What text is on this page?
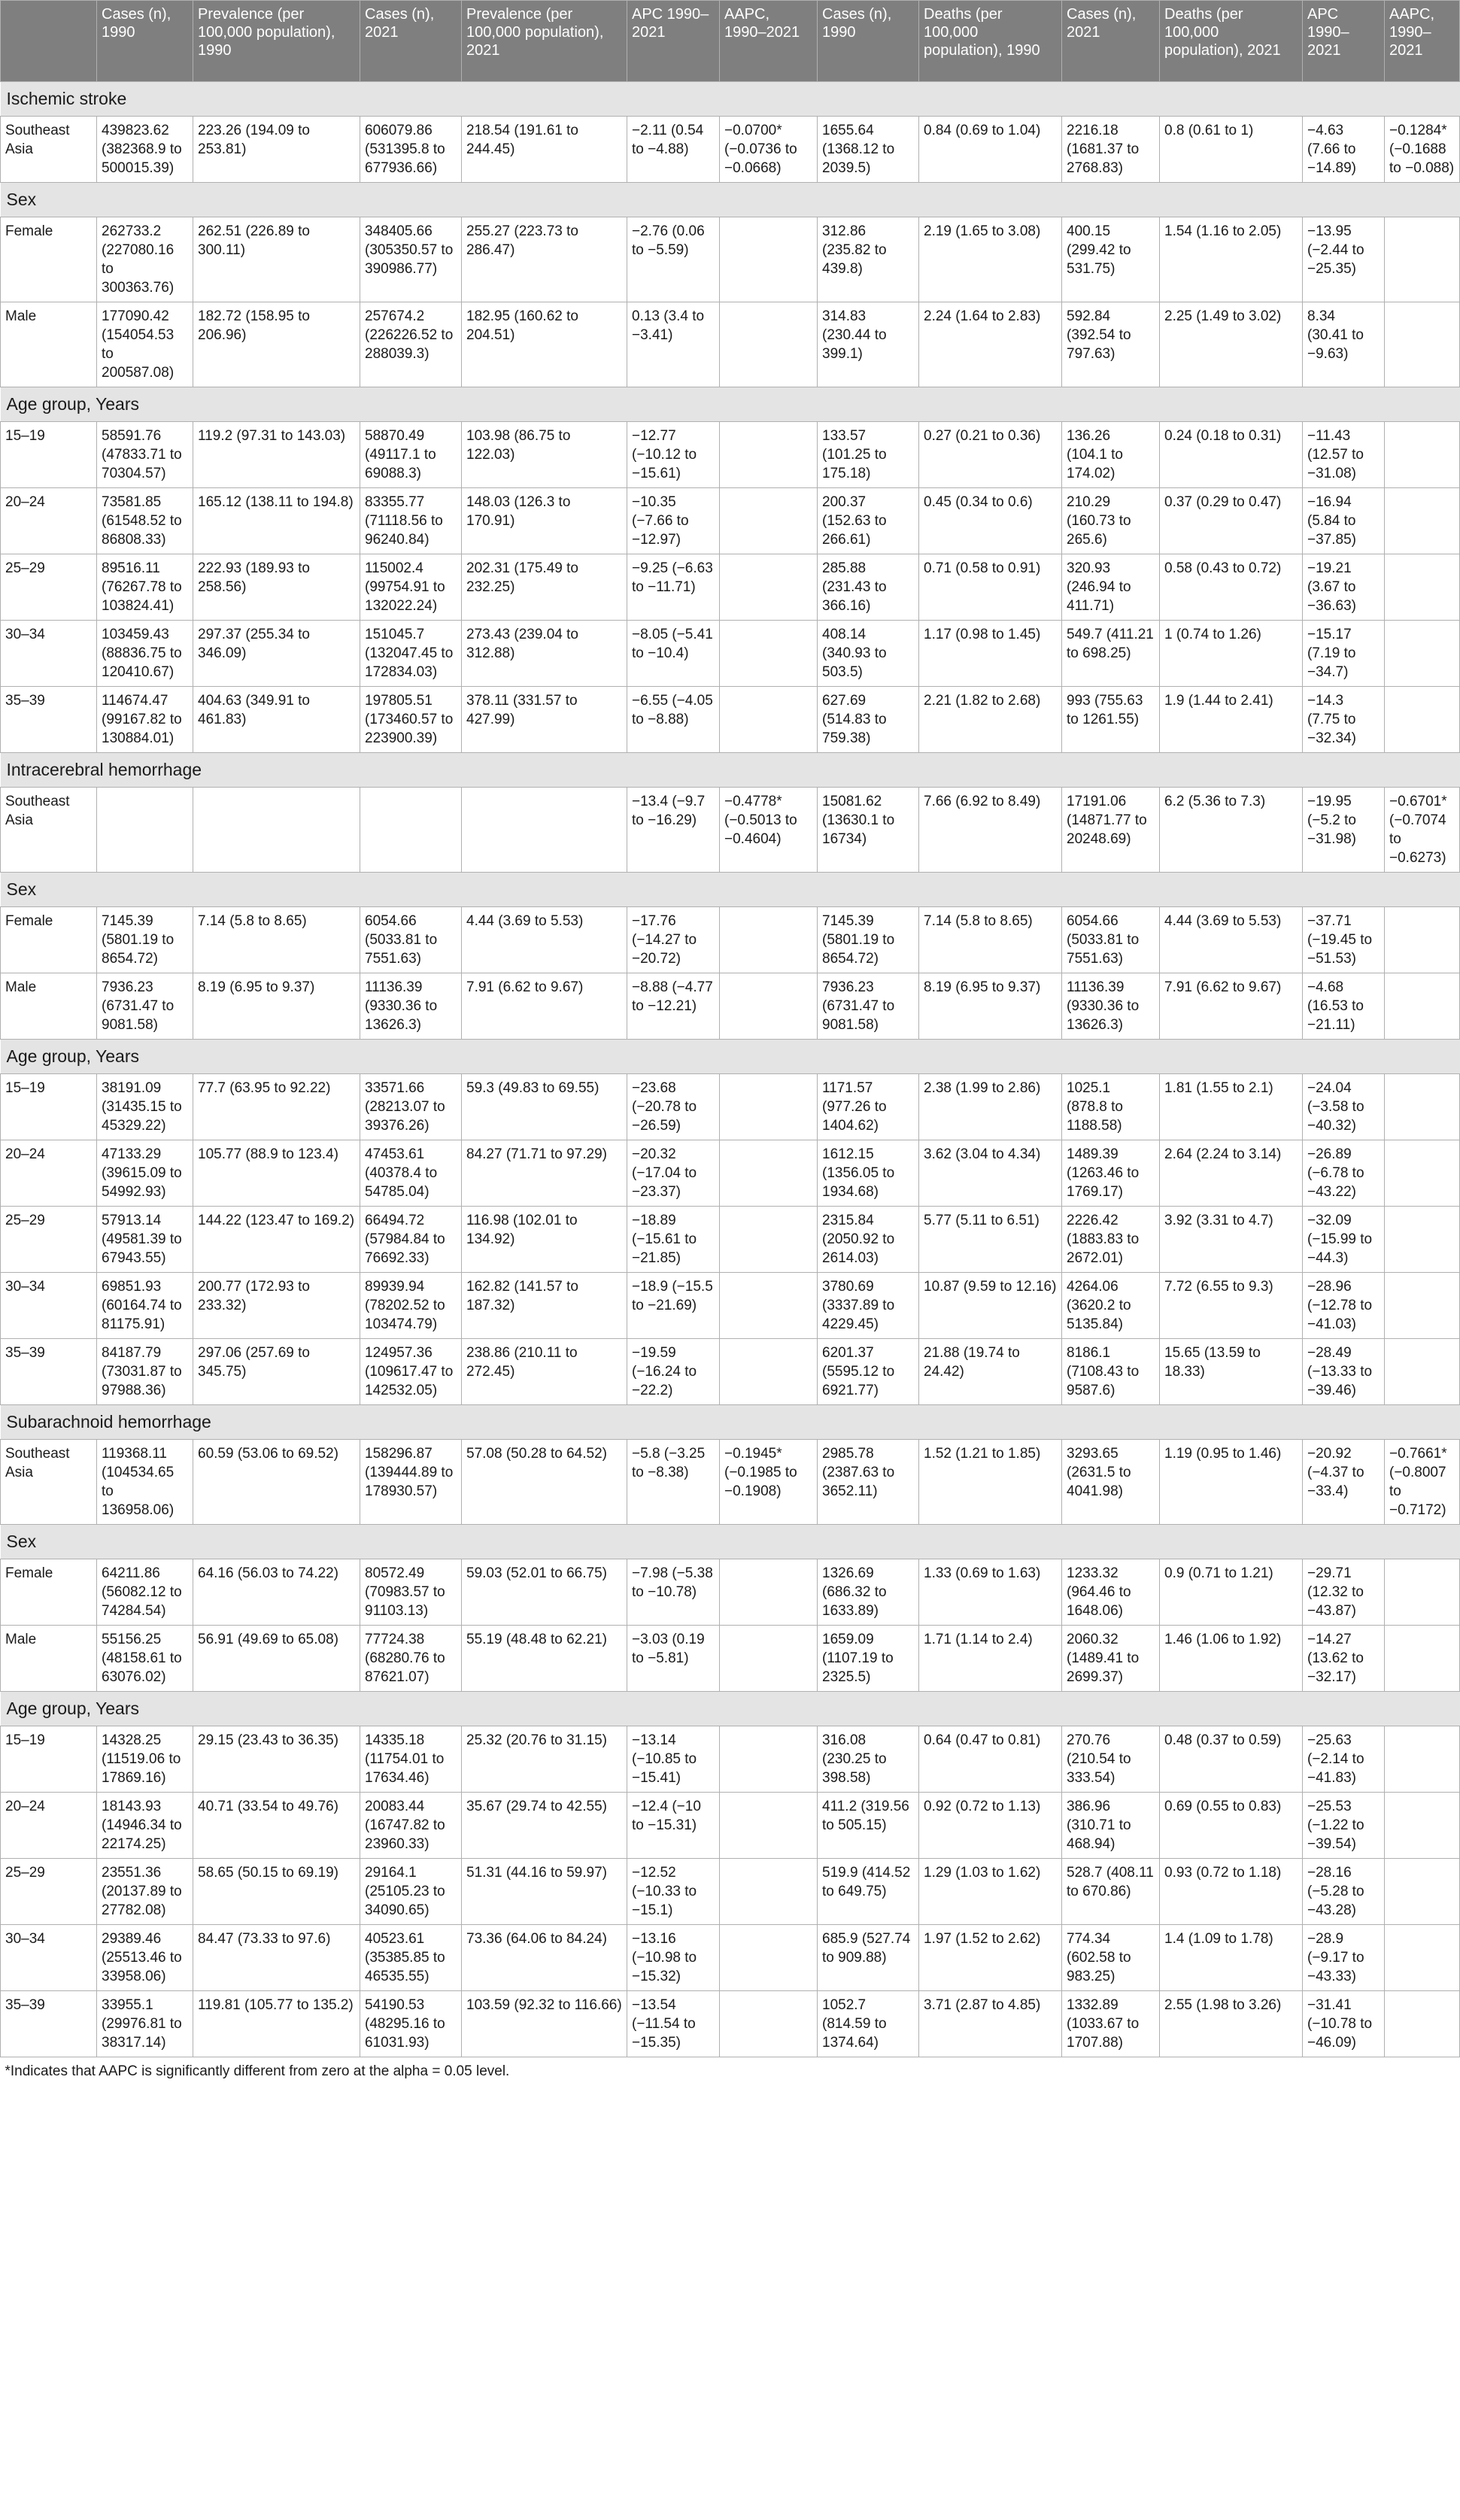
	Cases (n), 1990	Prevalence (per 100,000 population), 1990	Cases (n), 2021	Prevalence (per 100,000 population), 2021	APC 1990–2021	AAPC, 1990–2021	Cases (n), 1990	Deaths (per 100,000 population), 1990	Cases (n), 2021	Deaths (per 100,000 population), 2021	APC 1990–2021	AAPC, 1990–2021
Ischemic stroke												
Southeast Asia	439823.62 (382368.9 to 500015.39)	223.26 (194.09 to 253.81)	606079.86 (531395.8 to 677936.66)	218.54 (191.61 to 244.45)	−2.11 (0.54 to −4.88)	−0.0700* (−0.0736 to −0.0668)	1655.64 (1368.12 to 2039.5)	0.84 (0.69 to 1.04)	2216.18 (1681.37 to 2768.83)	0.8 (0.61 to 1)	−4.63 (7.66 to −14.89)	−0.1284* (−0.1688 to −0.088)
Sex												
Female	262733.2 (227080.16 to 300363.76)	262.51 (226.89 to 300.11)	348405.66 (305350.57 to 390986.77)	255.27 (223.73 to 286.47)	−2.76 (0.06 to −5.59)		312.86 (235.82 to 439.8)	2.19 (1.65 to 3.08)	400.15 (299.42 to 531.75)	1.54 (1.16 to 2.05)	−13.95 (−2.44 to −25.35)	
Male	177090.42 (154054.53 to 200587.08)	182.72 (158.95 to 206.96)	257674.2 (226226.52 to 288039.3)	182.95 (160.62 to 204.51)	0.13 (3.4 to −3.41)		314.83 (230.44 to 399.1)	2.24 (1.64 to 2.83)	592.84 (392.54 to 797.63)	2.25 (1.49 to 3.02)	8.34 (30.41 to −9.63)	
Age group, Years												
15–19	58591.76 (47833.71 to 70304.57)	119.2 (97.31 to 143.03)	58870.49 (49117.1 to 69088.3)	103.98 (86.75 to 122.03)	−12.77 (−10.12 to −15.61)		133.57 (101.25 to 175.18)	0.27 (0.21 to 0.36)	136.26 (104.1 to 174.02)	0.24 (0.18 to 0.31)	−11.43 (12.57 to −31.08)	
20–24	73581.85 (61548.52 to 86808.33)	165.12 (138.11 to 194.8)	83355.77 (71118.56 to 96240.84)	148.03 (126.3 to 170.91)	−10.35 (−7.66 to −12.97)		200.37 (152.63 to 266.61)	0.45 (0.34 to 0.6)	210.29 (160.73 to 265.6)	0.37 (0.29 to 0.47)	−16.94 (5.84 to −37.85)	
25–29	89516.11 (76267.78 to 103824.41)	222.93 (189.93 to 258.56)	115002.4 (99754.91 to 132022.24)	202.31 (175.49 to 232.25)	−9.25 (−6.63 to −11.71)		285.88 (231.43 to 366.16)	0.71 (0.58 to 0.91)	320.93 (246.94 to 411.71)	0.58 (0.43 to 0.72)	−19.21 (3.67 to −36.63)	
30–34	103459.43 (88836.75 to 120410.67)	297.37 (255.34 to 346.09)	151045.7 (132047.45 to 172834.03)	273.43 (239.04 to 312.88)	−8.05 (−5.41 to −10.4)		408.14 (340.93 to 503.5)	1.17 (0.98 to 1.45)	549.7 (411.21 to 698.25)	1 (0.74 to 1.26)	−15.17 (7.19 to −34.7)	
35–39	114674.47 (99167.82 to 130884.01)	404.63 (349.91 to 461.83)	197805.51 (173460.57 to 223900.39)	378.11 (331.57 to 427.99)	−6.55 (−4.05 to −8.88)		627.69 (514.83 to 759.38)	2.21 (1.82 to 2.68)	993 (755.63 to 1261.55)	1.9 (1.44 to 2.41)	−14.3 (7.75 to −32.34)	
Intracerebral hemorrhage												
Southeast Asia					−13.4 (−9.7 to −16.29)	−0.4778* (−0.5013 to −0.4604)	15081.62 (13630.1 to 16734)	7.66 (6.92 to 8.49)	17191.06 (14871.77 to 20248.69)	6.2 (5.36 to 7.3)	−19.95 (−5.2 to −31.98)	−0.6701* (−0.7074 to −0.6273)
Sex												
Female	7145.39 (5801.19 to 8654.72)	7.14 (5.8 to 8.65)	6054.66 (5033.81 to 7551.63)	4.44 (3.69 to 5.53)	−17.76 (−14.27 to −20.72)		7145.39 (5801.19 to 8654.72)	7.14 (5.8 to 8.65)	6054.66 (5033.81 to 7551.63)	4.44 (3.69 to 5.53)	−37.71 (−19.45 to −51.53)	
Male	7936.23 (6731.47 to 9081.58)	8.19 (6.95 to 9.37)	11136.39 (9330.36 to 13626.3)	7.91 (6.62 to 9.67)	−8.88 (−4.77 to −12.21)		7936.23 (6731.47 to 9081.58)	8.19 (6.95 to 9.37)	11136.39 (9330.36 to 13626.3)	7.91 (6.62 to 9.67)	−4.68 (16.53 to −21.11)	
Age group, Years												
15–19	38191.09 (31435.15 to 45329.22)	77.7 (63.95 to 92.22)	33571.66 (28213.07 to 39376.26)	59.3 (49.83 to 69.55)	−23.68 (−20.78 to −26.59)		1171.57 (977.26 to 1404.62)	2.38 (1.99 to 2.86)	1025.1 (878.8 to 1188.58)	1.81 (1.55 to 2.1)	−24.04 (−3.58 to −40.32)	
20–24	47133.29 (39615.09 to 54992.93)	105.77 (88.9 to 123.4)	47453.61 (40378.4 to 54785.04)	84.27 (71.71 to 97.29)	−20.32 (−17.04 to −23.37)		1612.15 (1356.05 to 1934.68)	3.62 (3.04 to 4.34)	1489.39 (1263.46 to 1769.17)	2.64 (2.24 to 3.14)	−26.89 (−6.78 to −43.22)	
25–29	57913.14 (49581.39 to 67943.55)	144.22 (123.47 to 169.2)	66494.72 (57984.84 to 76692.33)	116.98 (102.01 to 134.92)	−18.89 (−15.61 to −21.85)		2315.84 (2050.92 to 2614.03)	5.77 (5.11 to 6.51)	2226.42 (1883.83 to 2672.01)	3.92 (3.31 to 4.7)	−32.09 (−15.99 to −44.3)	
30–34	69851.93 (60164.74 to 81175.91)	200.77 (172.93 to 233.32)	89939.94 (78202.52 to 103474.79)	162.82 (141.57 to 187.32)	−18.9 (−15.5 to −21.69)		3780.69 (3337.89 to 4229.45)	10.87 (9.59 to 12.16)	4264.06 (3620.2 to 5135.84)	7.72 (6.55 to 9.3)	−28.96 (−12.78 to −41.03)	
35–39	84187.79 (73031.87 to 97988.36)	297.06 (257.69 to 345.75)	124957.36 (109617.47 to 142532.05)	238.86 (210.11 to 272.45)	−19.59 (−16.24 to −22.2)		6201.37 (5595.12 to 6921.77)	21.88 (19.74 to 24.42)	8186.1 (7108.43 to 9587.6)	15.65 (13.59 to 18.33)	−28.49 (−13.33 to −39.46)	
Subarachnoid hemorrhage												
Southeast Asia	119368.11 (104534.65 to 136958.06)	60.59 (53.06 to 69.52)	158296.87 (139444.89 to 178930.57)	57.08 (50.28 to 64.52)	−5.8 (−3.25 to −8.38)	−0.1945* (−0.1985 to −0.1908)	2985.78 (2387.63 to 3652.11)	1.52 (1.21 to 1.85)	3293.65 (2631.5 to 4041.98)	1.19 (0.95 to 1.46)	−20.92 (−4.37 to −33.4)	−0.7661* (−0.8007 to −0.7172)
Sex												
Female	64211.86 (56082.12 to 74284.54)	64.16 (56.03 to 74.22)	80572.49 (70983.57 to 91103.13)	59.03 (52.01 to 66.75)	−7.98 (−5.38 to −10.78)		1326.69 (686.32 to 1633.89)	1.33 (0.69 to 1.63)	1233.32 (964.46 to 1648.06)	0.9 (0.71 to 1.21)	−29.71 (12.32 to −43.87)	
Male	55156.25 (48158.61 to 63076.02)	56.91 (49.69 to 65.08)	77724.38 (68280.76 to 87621.07)	55.19 (48.48 to 62.21)	−3.03 (0.19 to −5.81)		1659.09 (1107.19 to 2325.5)	1.71 (1.14 to 2.4)	2060.32 (1489.41 to 2699.37)	1.46 (1.06 to 1.92)	−14.27 (13.62 to −32.17)	
Age group, Years												
15–19	14328.25 (11519.06 to 17869.16)	29.15 (23.43 to 36.35)	14335.18 (11754.01 to 17634.46)	25.32 (20.76 to 31.15)	−13.14 (−10.85 to −15.41)		316.08 (230.25 to 398.58)	0.64 (0.47 to 0.81)	270.76 (210.54 to 333.54)	0.48 (0.37 to 0.59)	−25.63 (−2.14 to −41.83)	
20–24	18143.93 (14946.34 to 22174.25)	40.71 (33.54 to 49.76)	20083.44 (16747.82 to 23960.33)	35.67 (29.74 to 42.55)	−12.4 (−10 to −15.31)		411.2 (319.56 to 505.15)	0.92 (0.72 to 1.13)	386.96 (310.71 to 468.94)	0.69 (0.55 to 0.83)	−25.53 (−1.22 to −39.54)	
25–29	23551.36 (20137.89 to 27782.08)	58.65 (50.15 to 69.19)	29164.1 (25105.23 to 34090.65)	51.31 (44.16 to 59.97)	−12.52 (−10.33 to −15.1)		519.9 (414.52 to 649.75)	1.29 (1.03 to 1.62)	528.7 (408.11 to 670.86)	0.93 (0.72 to 1.18)	−28.16 (−5.28 to −43.28)	
30–34	29389.46 (25513.46 to 33958.06)	84.47 (73.33 to 97.6)	40523.61 (35385.85 to 46535.55)	73.36 (64.06 to 84.24)	−13.16 (−10.98 to −15.32)		685.9 (527.74 to 909.88)	1.97 (1.52 to 2.62)	774.34 (602.58 to 983.25)	1.4 (1.09 to 1.78)	−28.9 (−9.17 to −43.33)	
35–39	33955.1 (29976.81 to 38317.14)	119.81 (105.77 to 135.2)	54190.53 (48295.16 to 61031.93)	103.59 (92.32 to 116.66)	−13.54 (−11.54 to −15.35)		1052.7 (814.59 to 1374.64)	3.71 (2.87 to 4.85)	1332.89 (1033.67 to 1707.88)	2.55 (1.98 to 3.26)	−31.41 (−10.78 to −46.09)	
*Indicates that AAPC is significantly different from zero at the alpha = 0.05 level.												
